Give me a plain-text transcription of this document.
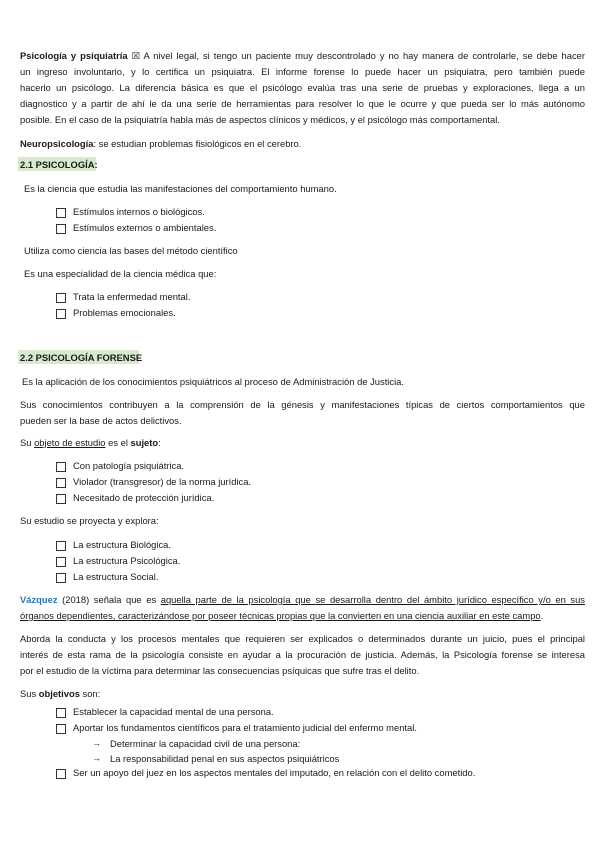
Psicología y psiquiatría ☒ A nivel legal, si tengo un paciente muy descontrolado y no hay manera de controlarle, se debe hacer
un ingreso involuntario, y lo certifica un psiquiatra. El informe forense lo puede hacer un psiquiatra, pero también puede
hacerlo un psicólogo. La diferencia básica es que el psicólogo evalúa tras una serie de pruebas y exploraciones, llega a un
diagnostico y a partir de ahí le da una serie de herramientas para resolver lo que le ocurre y que pueda ser lo más autónomo
posible. En el caso de la psiquiatría habla más de aspectos clínicos y médicos, y el psicólogo más comportamental.
Neuropsicología: se estudian problemas fisiológicos en el cerebro.
2.1 PSICOLOGÍA:
Es la ciencia que estudia las manifestaciones del comportamiento humano.
Estímulos internos o biológicos.
Estímulos externos o ambientales.
Utiliza como ciencia las bases del método científico
Es una especialidad de la ciencia médica que:
Trata la enfermedad mental.
Problemas emocionales.
2.2 PSICOLOGÍA FORENSE
Es la aplicación de los conocimientos psiquiátricos al proceso de Administración de Justicia.
Sus conocimientos contribuyen a la comprensión de la génesis y manifestaciones típicas de ciertos comportamientos que
pueden ser la base de actos delictivos.
Su objeto de estudio es el sujeto:
Con patología psiquiátrica.
Violador (transgresor) de la norma jurídica.
Necesitado de protección jurídica.
Su estudio se proyecta y explora:
La estructura Biológica.
La estructura Psicológica.
La estructura Social.
Vázquez (2018) señala que es aquella parte de la psicología que se desarrolla dentro del ámbito jurídico específico y/o en sus
órganos dependientes, caracterizándose por poseer técnicas propias que la convierten en una ciencia auxiliar en este campo.
Aborda la conducta y los procesos mentales que requieren ser explicados o determinados durante un juicio, pues el principal
interés de esta rama de la psicología consiste en ayudar a la procuración de justicia. Además, la Psicología forense se interesa
por el estudio de la víctima para determinar las consecuencias psíquicas que sufre tras el delito.
Sus objetivos son:
Establecer la capacidad mental de una persona.
Aportar los fundamentos científicos para el tratamiento judicial del enfermo mental.
→ Determinar la capacidad civil de una persona:
→ La responsabilidad penal en sus aspectos psiquiátricos
Ser un apoyo del juez en los aspectos mentales del imputado, en relación con el delito cometido.
